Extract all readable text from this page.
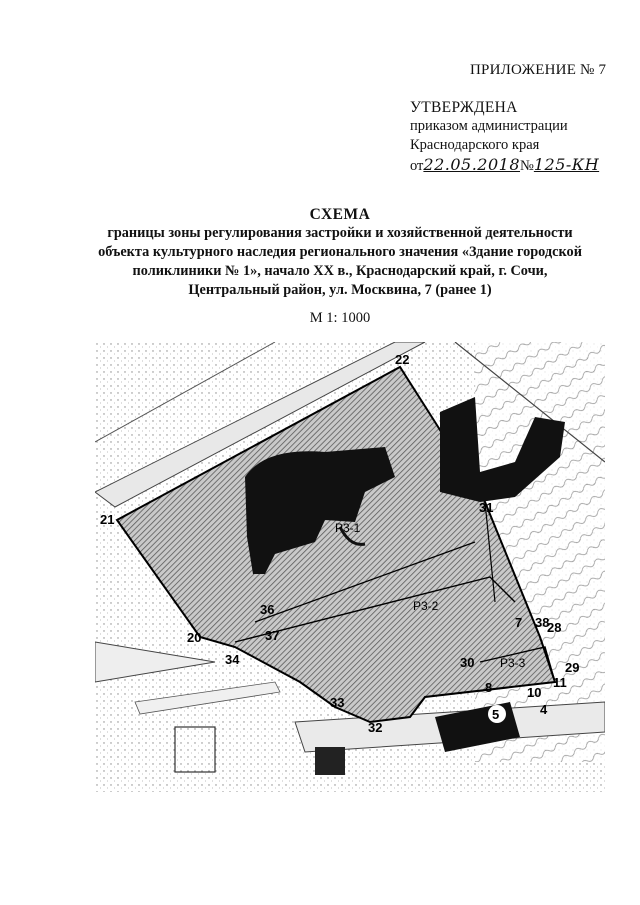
ПРИЛОЖЕНИЕ № 7
УТВЕРЖДЕНА
приказом администрации
Краснодарского края
от22.05.2018№125-КН
СХЕМА
границы зоны регулирования застройки и хозяйственной деятельности
объекта культурного наследия регионального значения «Здание городской
поликлиники № 1», начало XX в., Краснодарский край, г. Сочи,
Центральный район, ул. Москвина, 7 (ранее 1)
М 1: 1000
21
22
20
34
33
32
36
37
30
31
38
8	10
11
4
29
28
7
Р3-1
Р3-2
Р3-3
5
